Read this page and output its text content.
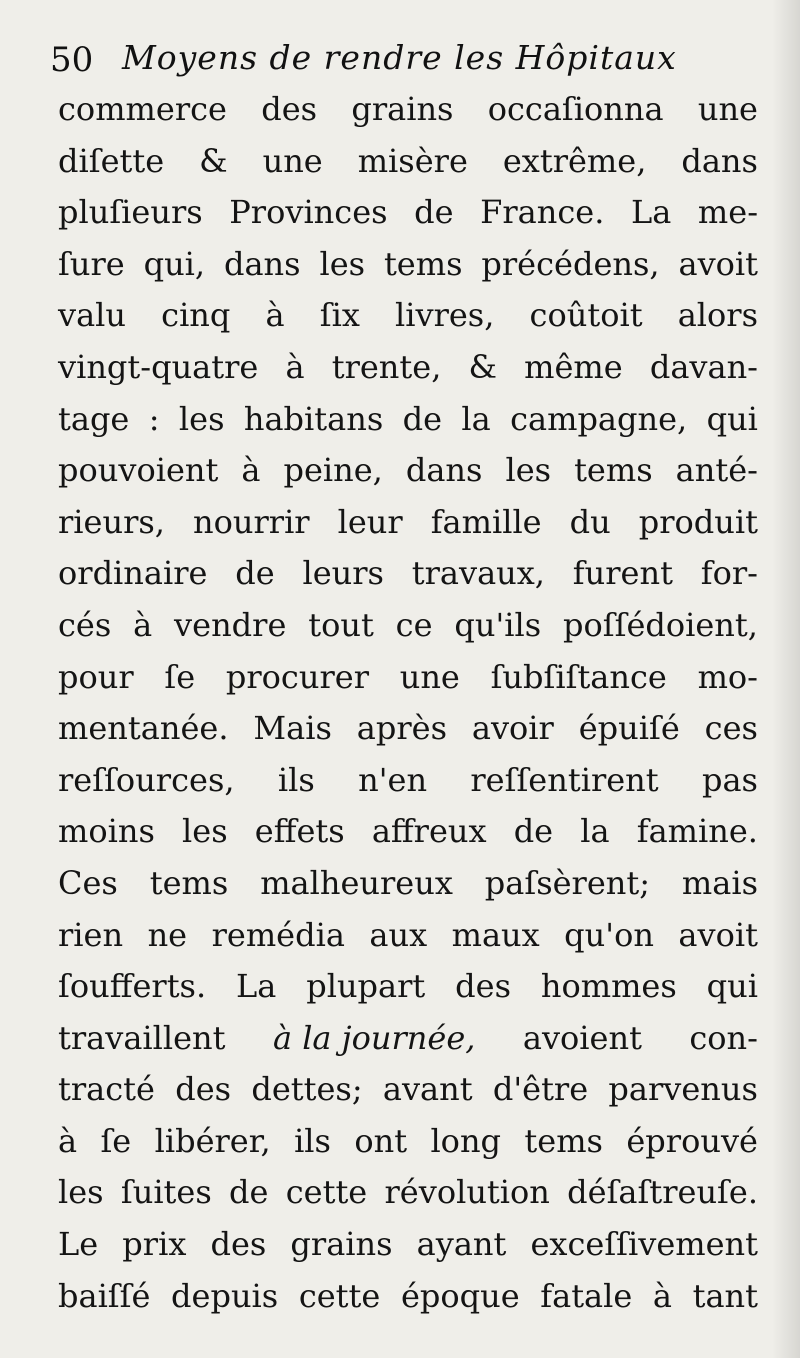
50 Moyens de rendre les Hôpitaux
commerce des grains occaſionna une
diſette & une misère extrême, dans
pluſieurs Provinces de France. La me-
ſure qui, dans les tems précédens, avoit
valu cinq à ſix livres, coûtoit alors
vingt-quatre à trente, & même davan-
tage : les habitans de la campagne, qui
pouvoient à peine, dans les tems anté-
rieurs, nourrir leur famille du produit
ordinaire de leurs travaux, furent for-
cés à vendre tout ce qu'ils poſſédoient,
pour ſe procurer une ſubſiſtance mo-
mentanée. Mais après avoir épuiſé ces
reſſources, ils n'en reſſentirent pas
moins les effets affreux de la famine.
Ces tems malheureux paſsèrent; mais
rien ne remédia aux maux qu'on avoit
ſoufferts. La plupart des hommes qui
travaillent à la journée, avoient con-
tracté des dettes; avant d'être parvenus
à ſe libérer, ils ont long tems éprouvé
les ſuites de cette révolution déſaſtreuſe.
Le prix des grains ayant exceſſivement
baiſſé depuis cette époque fatale à tant
